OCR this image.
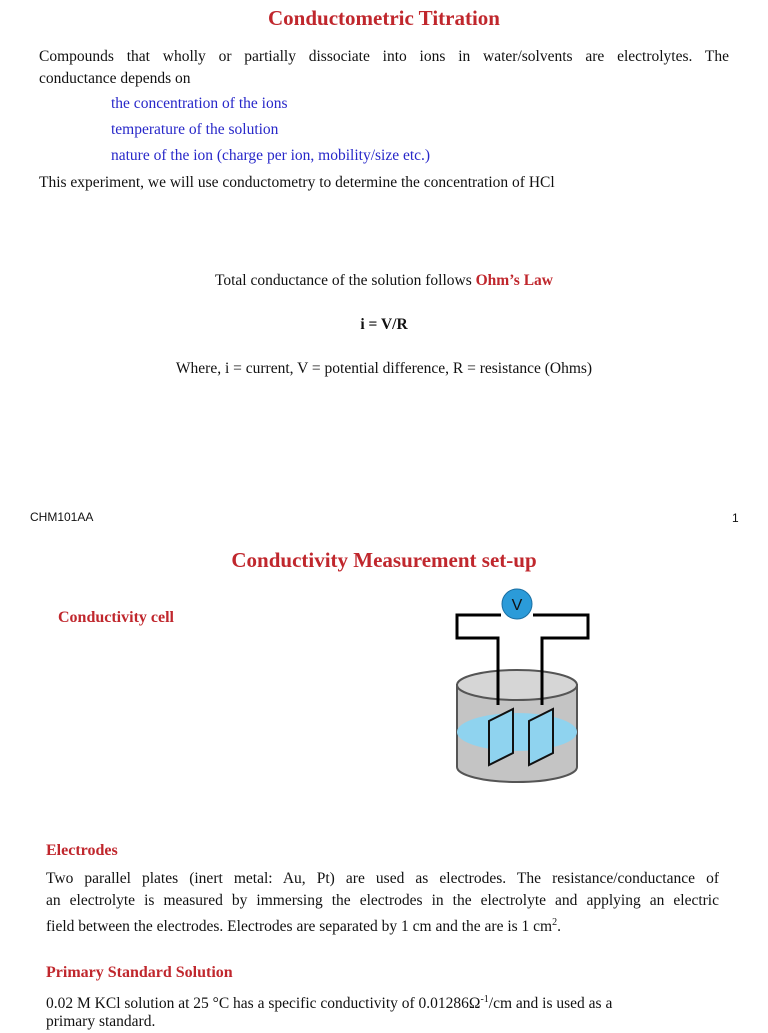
Conductometric Titration
Compounds that wholly or partially dissociate into ions in water/solvents are electrolytes. The
conductance depends on
the concentration of the ions
temperature of the solution
nature of the ion (charge per ion, mobility/size etc.)
This experiment, we will use conductometry to determine the concentration of HCl
Total conductance of the solution follows Ohm’s Law
i = V/R
Where, i = current, V = potential difference, R = resistance (Ohms)
CHM101AA	1
Conductivity Measurement set-up
Conductivity cell
V
Electrodes
Two parallel plates (inert metal: Au, Pt) are used as electrodes. The resistance/conductance of
an electrolyte is measured by immersing the electrodes in the electrolyte and applying an electric
field between the electrodes. Electrodes are separated by 1 cm and the are is 1 $cm^2$.
Primary Standard Solution
0.02 M KCl solution at 25 °C has a specific conductivity of $0.01286\Omega^{-1}/cm$ and is used as a
primary standard.
